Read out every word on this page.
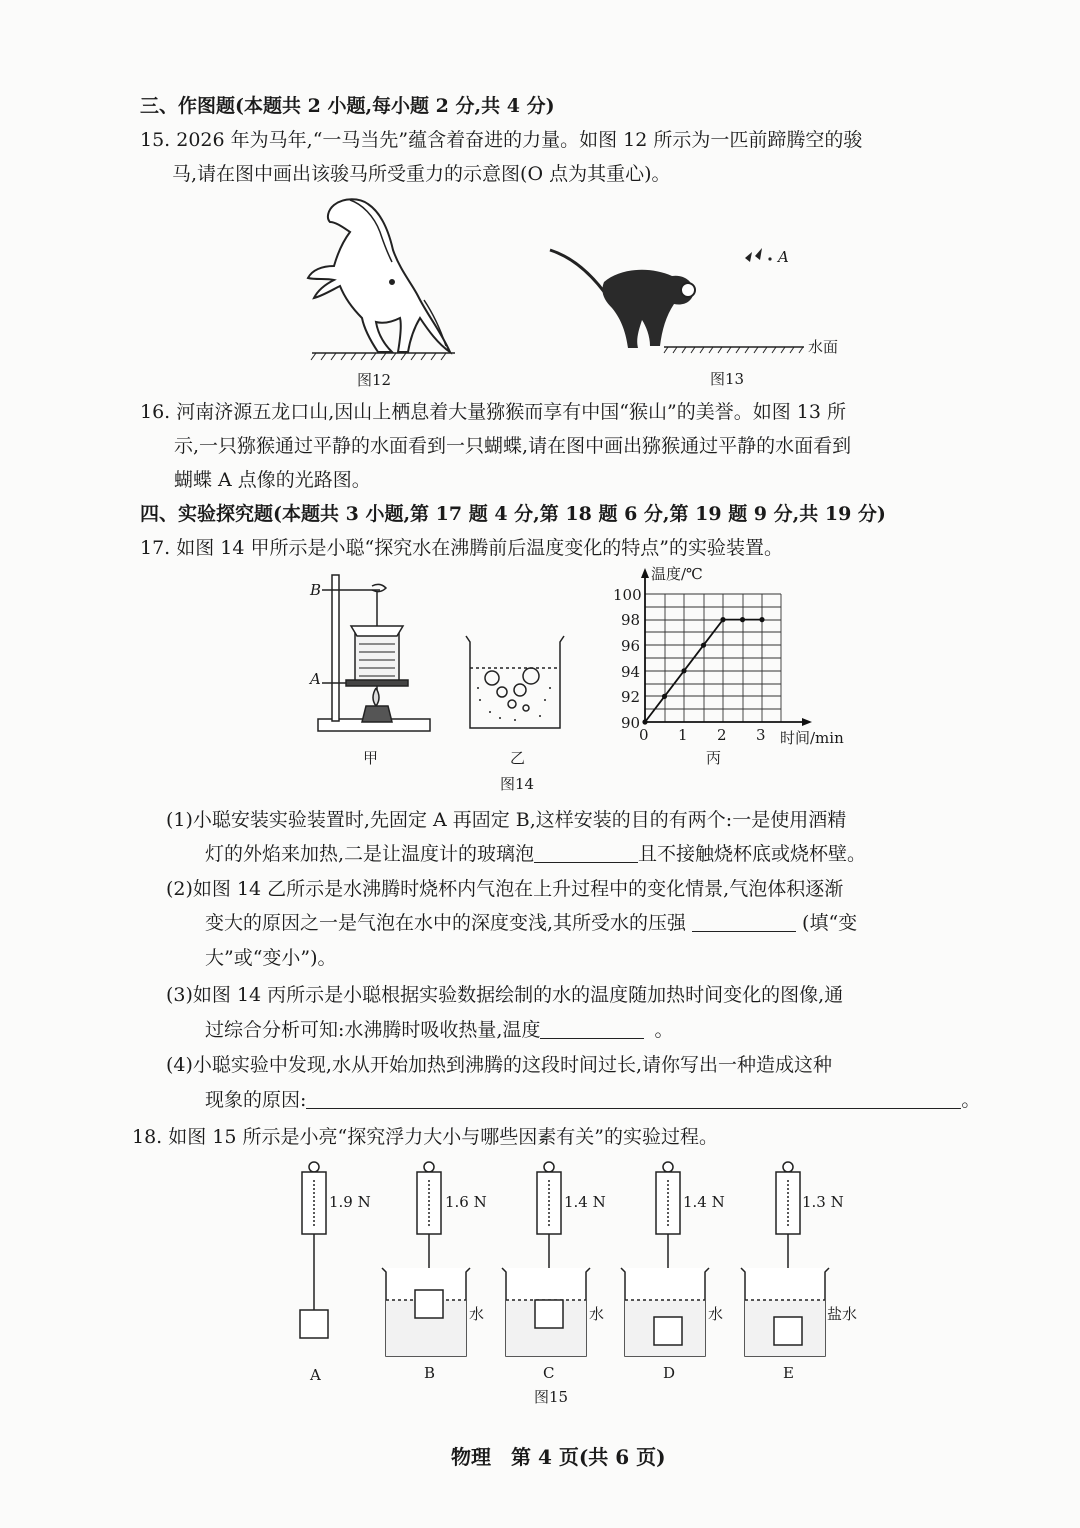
三、作图题(本题共 2 小题,每小题 2 分,共 4 分)
15. 2026 年为马年,“一马当先”蕴含着奋进的力量。如图 12 所示为一匹前蹄腾空的骏
马,请在图中画出该骏马所受重力的示意图(O 点为其重心)。
图12	图13
水面
A
16. 河南济源五龙口山,因山上栖息着大量猕猴而享有中国“猴山”的美誉。如图 13 所
示,一只猕猴通过平静的水面看到一只蝴蝶,请在图中画出猕猴通过平静的水面看到
蝴蝶 A 点像的光路图。
四、实验探究题(本题共 3 小题,第 17 题 4 分,第 18 题 6 分,第 19 题 9 分,共 19 分)
17. 如图 14 甲所示是小聪“探究水在沸腾前后温度变化的特点”的实验装置。
B
A
甲	乙	丙
图14
温度/℃
时间/min
100
98
96
94
92
90
0 1 2 3
(1)小聪安装实验装置时,先固定 A 再固定 B,这样安装的目的有两个:一是使用酒精
灯的外焰来加热,二是让温度计的玻璃泡	且不接触烧杯底或烧杯壁。
(2)如图 14 乙所示是水沸腾时烧杯内气泡在上升过程中的变化情景,气泡体积逐渐
变大的原因之一是气泡在水中的深度变浅,其所受水的压强	(填“变
大”或“变小”)。
(3)如图 14 丙所示是小聪根据实验数据绘制的水的温度随加热时间变化的图像,通
过综合分析可知:水沸腾时吸收热量,温度	。
(4)小聪实验中发现,水从开始加热到沸腾的这段时间过长,请你写出一种造成这种
现象的原因:	。
18. 如图 15 所示是小亮“探究浮力大小与哪些因素有关”的实验过程。
1.9 N	1.6 N	1.4 N	1.4 N	1.3 N
水	水	水	盐水
A	B	C	D	E
图15
物理　第 4 页(共 6 页)
